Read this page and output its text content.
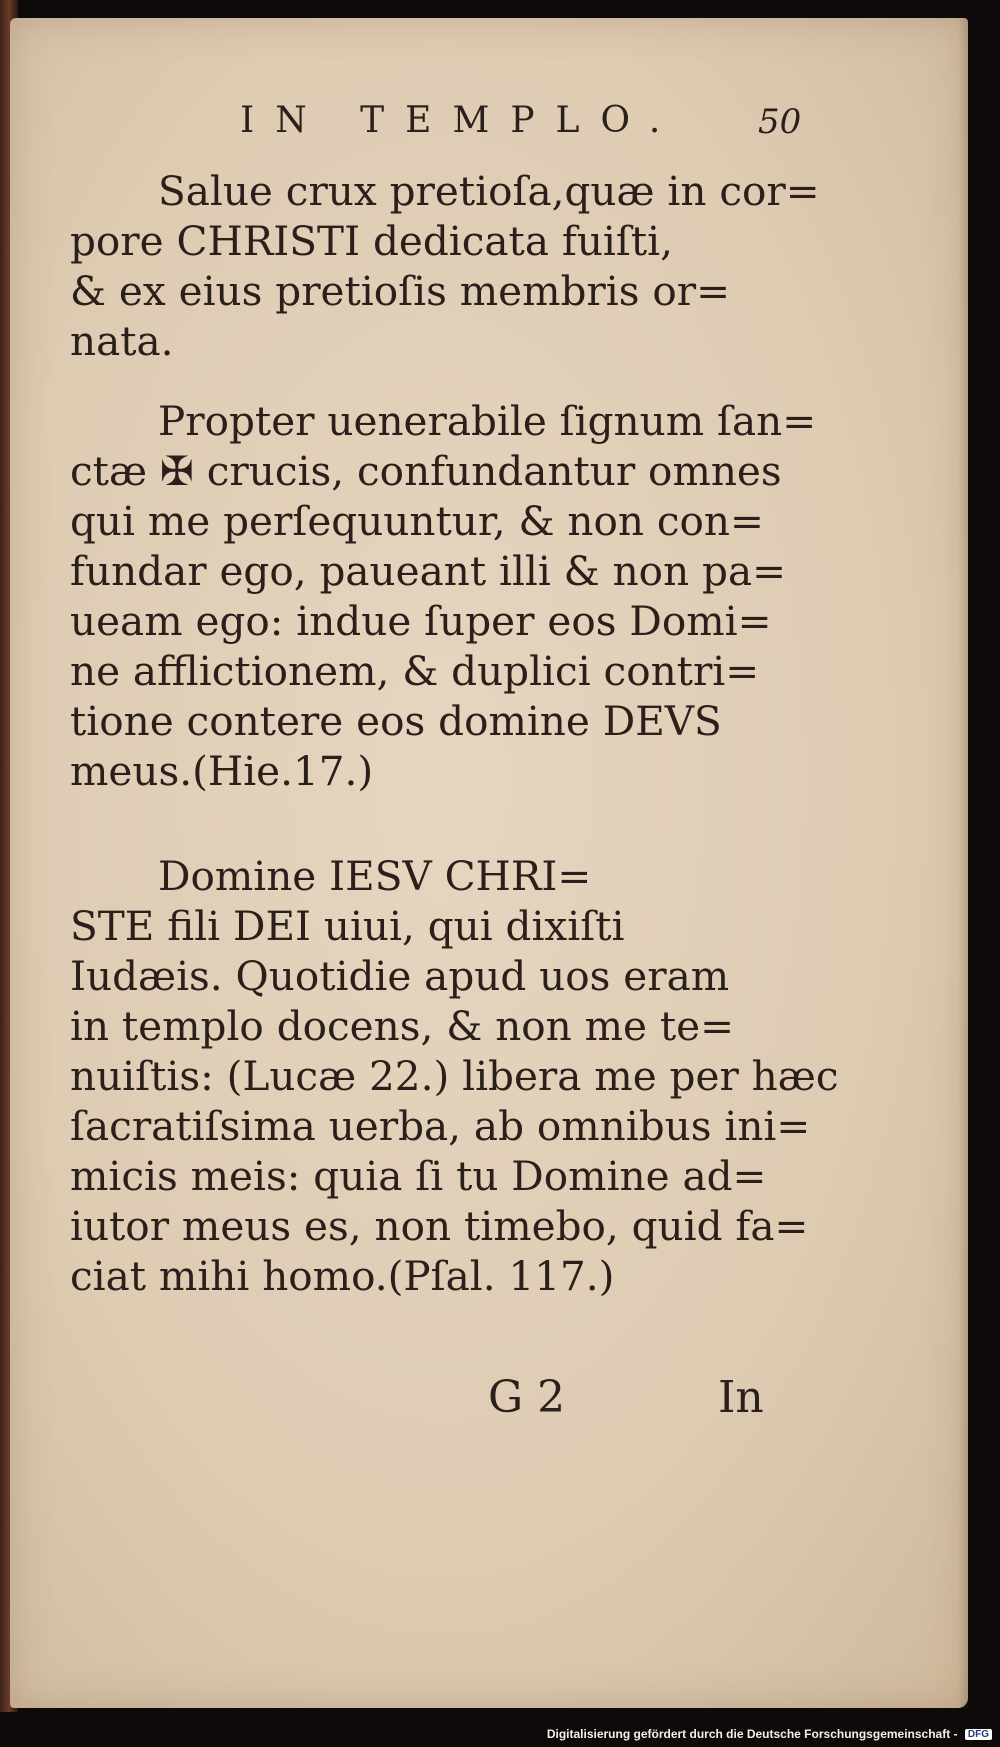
IN TEMPLO. 50
Salue crux pretioſa,quæ in cor=
pore CHRISTI dedicata fuiſti,
& ex eius pretioſis membris or=
nata.
Propter uenerabile ſignum ſan=
ctæ ✠ crucis, confundantur omnes
qui me perſequuntur, & non con=
fundar ego, paueant illi & non pa=
ueam ego: indue ſuper eos Domi=
ne afflictionem, & duplici contri=
tione contere eos domine DEVS
meus.(Hie.17.)
Domine IESV CHRI=
STE fili DEI uiui, qui dixiſti
Iudæis. Quotidie apud uos eram
in templo docens, & non me te=
nuiſtis: (Lucæ 22.) libera me per hæc
ſacratiſsima uerba, ab omnibus ini=
micis meis: quia ſi tu Domine ad=
iutor meus es, non timebo, quid fa=
ciat mihi homo.(Pſal. 117.)
G 2	In
Digitalisierung gefördert durch die Deutsche Forschungsgemeinschaft - DFG
